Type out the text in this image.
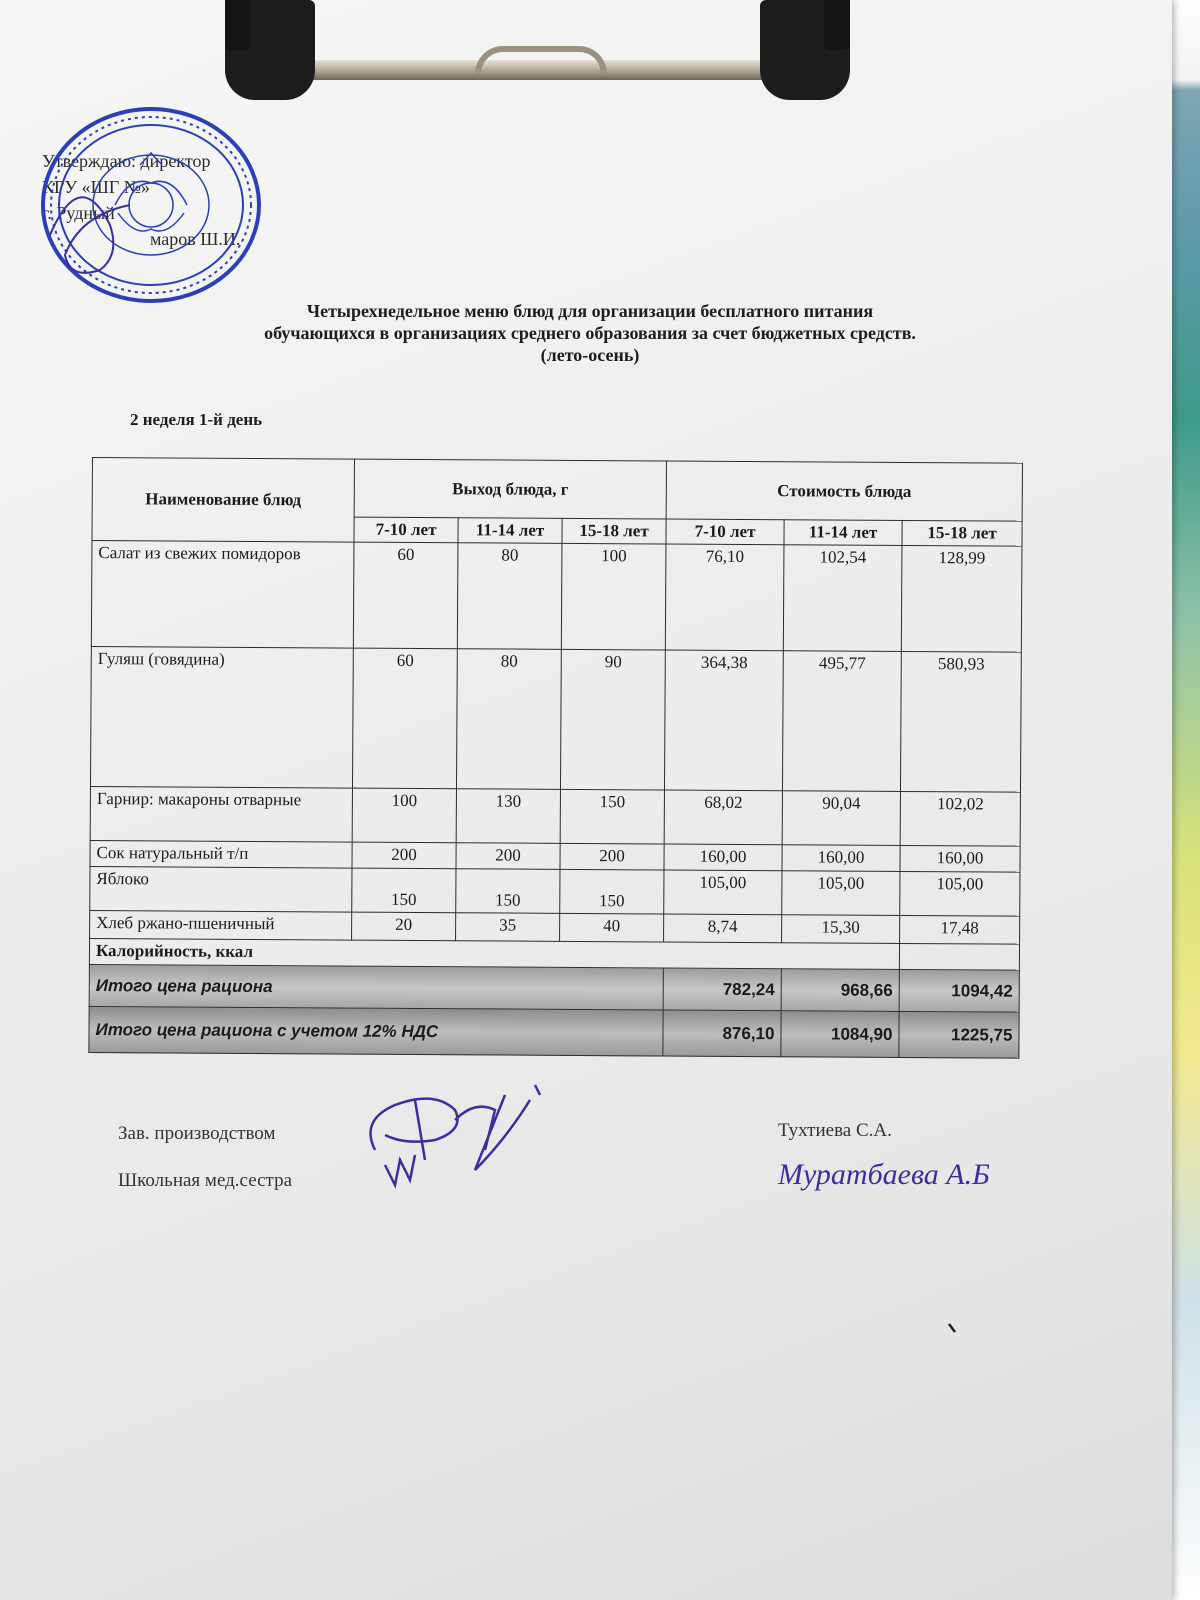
Утверждаю: директор
КГУ «ШГ №»
г. Рудный
маров Ш.И.
Четырехнедельное меню блюд для организации бесплатного питания
обучающихся в организациях среднего образования за счет бюджетных средств.
(лето-осень)
2 неделя 1-й день
Наименование блюд	Выход блюда, г			Стоимость блюда		
	7-10 лет	11-14 лет	15-18 лет	7-10 лет	11-14 лет	15-18 лет
Салат из свежих помидоров	60	80	100	76,10	102,54	128,99
Гуляш (говядина)	60	80	90	364,38	495,77	580,93
Гарнир: макароны отварные	100	130	150	68,02	90,04	102,02
Сок натуральный т/п	200	200	200	160,00	160,00	160,00
Яблоко	150	150	150	105,00	105,00	105,00
Хлеб ржано-пшеничный	20	35	40	8,74	15,30	17,48
Калорийность, ккал						
Итого цена рациона				782,24	968,66	1094,42
Итого цена рациона с учетом 12% НДС				876,10	1084,90	1225,75
Зав. производством	Тухтиева С.А.
Школьная мед.сестра	Муратбаева А.Б
